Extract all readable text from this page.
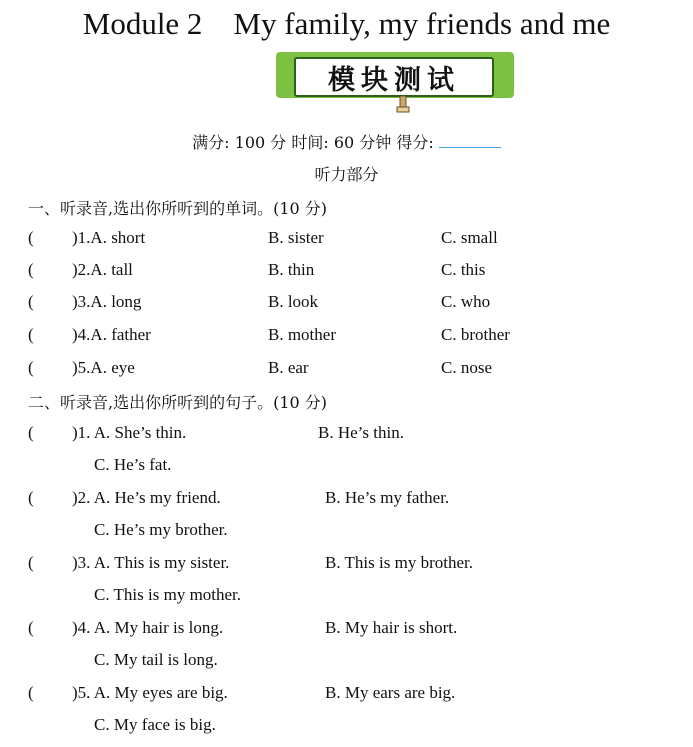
Module 2    My family, my friends and me
模块测试
满分: 100 分 时间: 60 分钟 得分:
听力部分
一、听录音,选出你所听到的单词。(10 分)
( )1.A. short	B. sister	C. small
( )2.A. tall	B. thin	C. this
( )3.A. long	B. look	C. who
( )4.A. father	B. mother	C. brother
( )5.A. eye	B. ear	C. nose
二、听录音,选出你所听到的句子。(10 分)
( )1. A. She’s thin.	B. He’s thin.
C. He’s fat.
( )2. A. He’s my friend.	B. He’s my father.
C. He’s my brother.
( )3. A. This is my sister.	B. This is my brother.
C. This is my mother.
( )4. A. My hair is long.	B. My hair is short.
C. My tail is long.
( )5. A. My eyes are big.	B. My ears are big.
C. My face is big.
